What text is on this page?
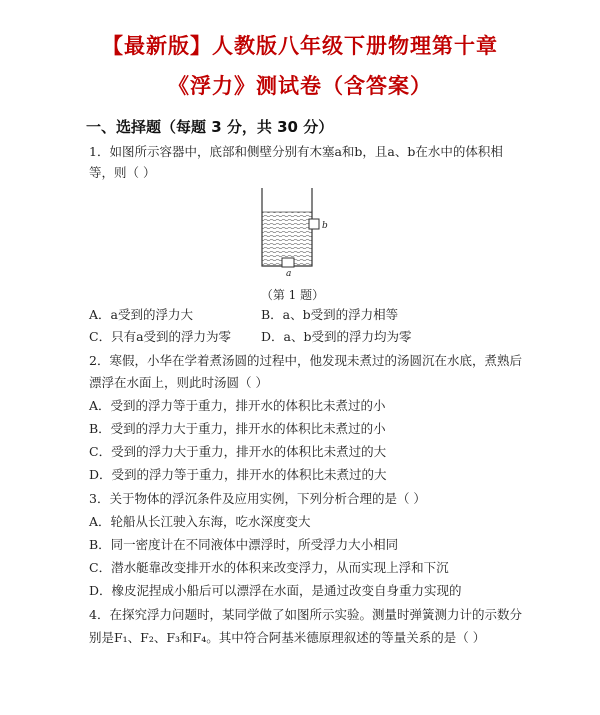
【最新版】人教版八年级下册物理第十章
《浮力》测试卷（含答案）
一、选择题（每题 3 分，共 30 分）
1．如图所示容器中，底部和侧壁分别有木塞a和b，且a、b在水中的体积相
等，则（ ）
b
a
（第 1 题）
A．a受到的浮力大	B．a、b受到的浮力相等
C．只有a受到的浮力为零 D．a、b受到的浮力均为零
2．寒假，小华在学着煮汤圆的过程中，他发现未煮过的汤圆沉在水底，煮熟后
漂浮在水面上，则此时汤圆（ ）
A．受到的浮力等于重力，排开水的体积比未煮过的小
B．受到的浮力大于重力，排开水的体积比未煮过的小
C．受到的浮力大于重力，排开水的体积比未煮过的大
D．受到的浮力等于重力，排开水的体积比未煮过的大
3．关于物体的浮沉条件及应用实例，下列分析合理的是（ ）
A．轮船从长江驶入东海，吃水深度变大
B．同一密度计在不同液体中漂浮时，所受浮力大小相同
C．潜水艇靠改变排开水的体积来改变浮力，从而实现上浮和下沉
D．橡皮泥捏成小船后可以漂浮在水面，是通过改变自身重力实现的
4．在探究浮力问题时，某同学做了如图所示实验。测量时弹簧测力计的示数分
别是F₁、F₂、F₃和F₄。其中符合阿基米德原理叙述的等量关系的是（ ）
